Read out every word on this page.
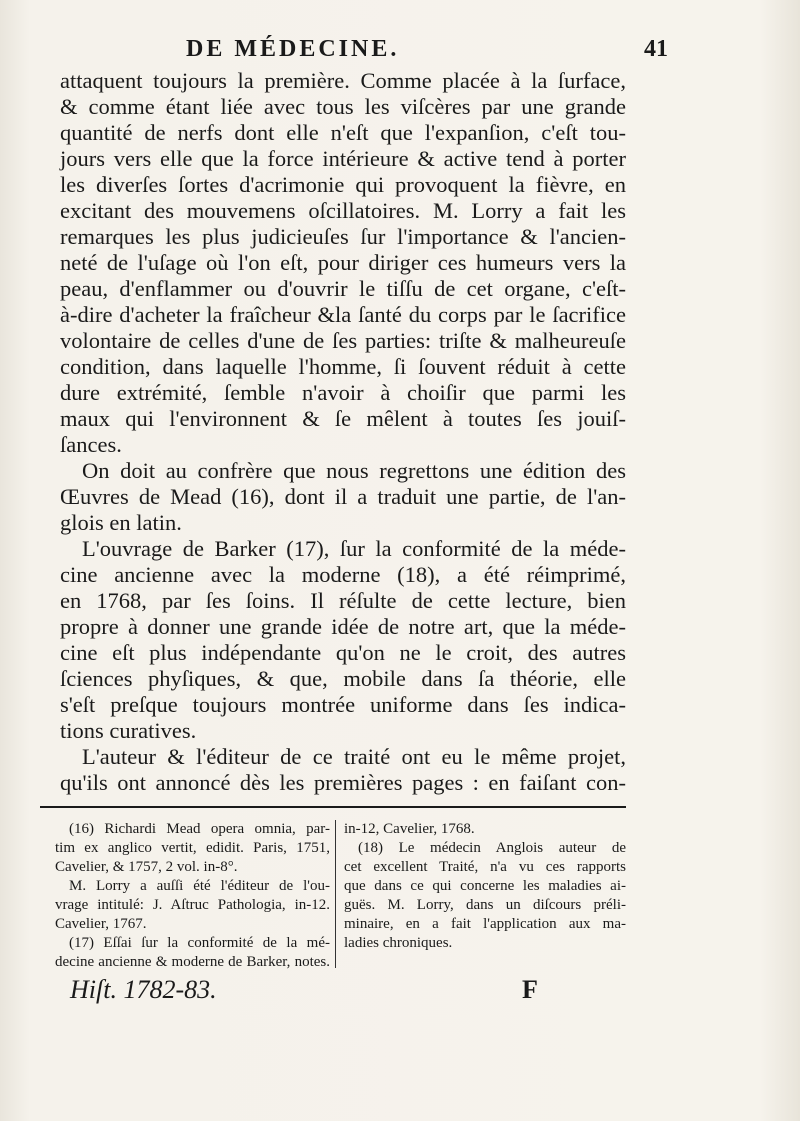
DE MÉDECINE.	41
attaquent toujours la première. Comme placée à la ſurface,
& comme étant liée avec tous les viſcères par une grande
quantité de nerfs dont elle n'eſt que l'expanſion, c'eſt tou-
jours vers elle que la force intérieure & active tend à porter
les diverſes ſortes d'acrimonie qui provoquent la fièvre, en
excitant des mouvemens oſcillatoires. M. Lorry a fait les
remarques les plus judicieuſes ſur l'importance & l'ancien-
neté de l'uſage où l'on eſt, pour diriger ces humeurs vers la
peau, d'enflammer ou d'ouvrir le tiſſu de cet organe, c'eſt-
à-dire d'acheter la fraîcheur &la ſanté du corps par le ſacrifice
volontaire de celles d'une de ſes parties: triſte & malheureuſe
condition, dans laquelle l'homme, ſi ſouvent réduit à cette
dure extrémité, ſemble n'avoir à choiſir que parmi les
maux qui l'environnent & ſe mêlent à toutes ſes jouiſ-
ſances.
On doit au confrère que nous regrettons une édition des
Œuvres de Mead (16), dont il a traduit une partie, de l'an-
glois en latin.
L'ouvrage de Barker (17), ſur la conformité de la méde-
cine ancienne avec la moderne (18), a été réimprimé,
en 1768, par ſes ſoins. Il réſulte de cette lecture, bien
propre à donner une grande idée de notre art, que la méde-
cine eſt plus indépendante qu'on ne le croit, des autres
ſciences phyſiques, & que, mobile dans ſa théorie, elle
s'eſt preſque toujours montrée uniforme dans ſes indica-
tions curatives.
L'auteur & l'éditeur de ce traité ont eu le même projet,
qu'ils ont annoncé dès les premières pages : en faiſant con-
(16) Richardi Mead opera omnia, par-
tim ex anglico vertit, edidit. Paris, 1751,
Cavelier, & 1757, 2 vol. in-8°.
M. Lorry a auſſi été l'éditeur de l'ou-
vrage intitulé: J. Aſtruc Pathologia, in-12.
Cavelier, 1767.
(17) Eſſai ſur la conformité de la mé-
decine ancienne & moderne de Barker, notes.
in-12, Cavelier, 1768.
(18) Le médecin Anglois auteur de
cet excellent Traité, n'a vu ces rapports
que dans ce qui concerne les maladies ai-
guës. M. Lorry, dans un diſcours préli-
minaire, en a fait l'application aux ma-
ladies chroniques.
Hiſt. 1782-83.	F
